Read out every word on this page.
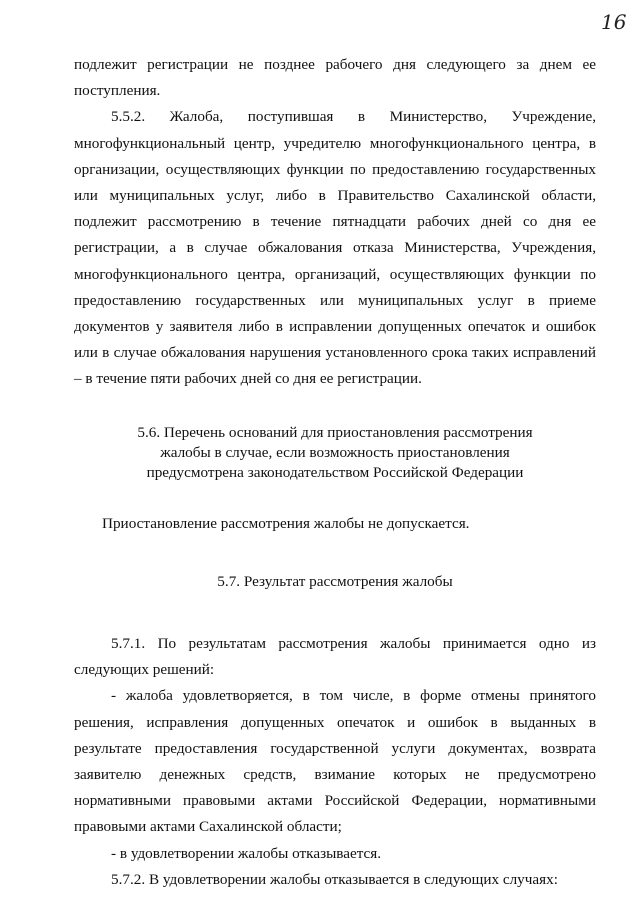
16

подлежит регистрации не позднее рабочего дня следующего за днем ее поступления.

5.5.2. Жалоба, поступившая в Министерство, Учреждение, многофункциональный центр, учредителю многофункционального центра, в организации, осуществляющих функции по предоставлению государственных или муниципальных услуг, либо в Правительство Сахалинской области, подлежит рассмотрению в течение пятнадцати рабочих дней со дня ее регистрации, а в случае обжалования отказа Министерства, Учреждения, многофункционального центра, организаций, осуществляющих функции по предоставлению государственных или муниципальных услуг в приеме документов у заявителя либо в исправлении допущенных опечаток и ошибок или в случае обжалования нарушения установленного срока таких исправлений – в течение пяти рабочих дней со дня ее регистрации.

5.6. Перечень оснований для приостановления рассмотрения
жалобы в случае, если возможность приостановления
предусмотрена законодательством Российской Федерации

Приостановление рассмотрения жалобы не допускается.

5.7. Результат рассмотрения жалобы

5.7.1. По результатам рассмотрения жалобы принимается одно из следующих решений:

- жалоба удовлетворяется, в том числе, в форме отмены принятого решения, исправления допущенных опечаток и ошибок в выданных в результате предоставления государственной услуги документах, возврата заявителю денежных средств, взимание которых не предусмотрено нормативными правовыми актами Российской Федерации, нормативными правовыми актами Сахалинской области;

- в удовлетворении жалобы отказывается.

5.7.2. В удовлетворении жалобы отказывается в следующих случаях:
